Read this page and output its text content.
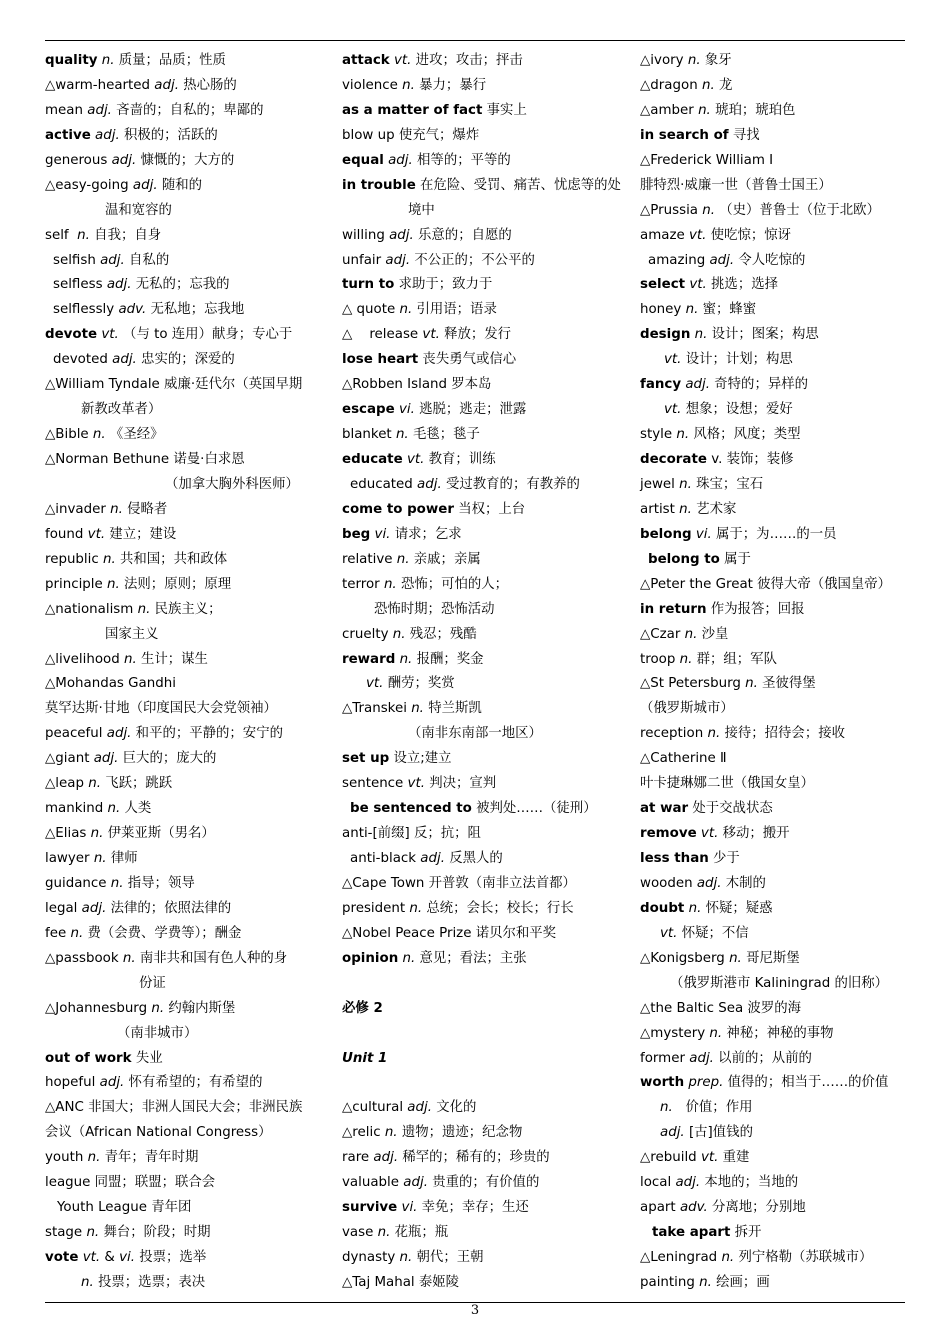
quality n. 质量；品质；性质
△warm-hearted adj. 热心肠的
mean adj. 吝啬的；自私的；卑鄙的
active adj. 积极的；活跃的
generous adj. 慷慨的；大方的
△easy-going adj. 随和的
温和宽容的
self  n. 自我；自身
selfish adj. 自私的
selfless adj. 无私的；忘我的
selflessly adv. 无私地；忘我地
devote vt. （与 to 连用）献身；专心于
devoted adj. 忠实的；深爱的
△William Tyndale 威廉·廷代尔（英国早期
新教改革者）
△Bible n. 《圣经》
△Norman Bethune 诺曼·白求恩
（加拿大胸外科医师）
△invader n. 侵略者
found vt. 建立；建设
republic n. 共和国；共和政体
principle n. 法则；原则；原理
△nationalism n. 民族主义；
国家主义
△livelihood n. 生计；谋生
△Mohandas Gandhi
莫罕达斯·甘地（印度国民大会党领袖）
peaceful adj. 和平的；平静的；安宁的
△giant adj. 巨大的；庞大的
△leap n. 飞跃；跳跃
mankind n. 人类
△Elias n. 伊莱亚斯（男名）
lawyer n. 律师
guidance n. 指导；领导
legal adj. 法律的；依照法律的
fee n. 费（会费、学费等）；酬金
△passbook n. 南非共和国有色人种的身
份证
△Johannesburg n. 约翰内斯堡
（南非城市）
out of work 失业
hopeful adj. 怀有希望的；有希望的
△ANC 非国大；非洲人国民大会；非洲民族
会议（African National Congress）
youth n. 青年；青年时期
league 同盟；联盟；联合会
Youth League 青年团
stage n. 舞台；阶段；时期
vote vt. & vi. 投票；选举
n. 投票；选票；表决
attack vt. 进攻；攻击；抨击
violence n. 暴力；暴行
as a matter of fact 事实上
blow up 使充气；爆炸
equal adj. 相等的；平等的
in trouble 在危险、受罚、痛苦、忧虑等的处
境中
willing adj. 乐意的；自愿的
unfair adj. 不公正的；不公平的
turn to 求助于；致力于
△ quote n. 引用语；语录
△    release vt. 释放；发行
lose heart 丧失勇气或信心
△Robben Island 罗本岛
escape vi. 逃脱；逃走；泄露
blanket n. 毛毯；毯子
educate vt. 教育；训练
educated adj. 受过教育的；有教养的
come to power 当权；上台
beg vi. 请求；乞求
relative n. 亲戚；亲属
terror n. 恐怖；可怕的人；
恐怖时期；恐怖活动
cruelty n. 残忍；残酷
reward n. 报酬；奖金
vt. 酬劳；奖赏
△Transkei n. 特兰斯凯
（南非东南部一地区）
set up 设立;建立
sentence vt. 判决；宣判
be sentenced to 被判处……（徒刑）
anti-[前缀] 反；抗；阻
anti-black adj. 反黑人的
△Cape Town 开普敦（南非立法首都）
president n. 总统；会长；校长；行长
△Nobel Peace Prize 诺贝尔和平奖
opinion n. 意见；看法；主张
必修 2
Unit 1
△cultural adj. 文化的
△relic n. 遗物；遗迹；纪念物
rare adj. 稀罕的；稀有的；珍贵的
valuable adj. 贵重的；有价值的
survive vi. 幸免；幸存；生还
vase n. 花瓶；瓶
dynasty n. 朝代；王朝
△Taj Mahal 泰姬陵
△ivory n. 象牙
△dragon n. 龙
△amber n. 琥珀；琥珀色
in search of 寻找
△Frederick William I
腓特烈·威廉一世（普鲁士国王）
△Prussia n. （史）普鲁士（位于北欧）
amaze vt. 使吃惊；惊讶
amazing adj. 令人吃惊的
select vt. 挑选；选择
honey n. 蜜；蜂蜜
design n. 设计；图案；构思
vt. 设计；计划；构思
fancy adj. 奇特的；异样的
vt. 想象；设想；爱好
style n. 风格；风度；类型
decorate v. 装饰；装修
jewel n. 珠宝；宝石
artist n. 艺术家
belong vi. 属于；为……的一员
belong to 属于
△Peter the Great 彼得大帝（俄国皇帝）
in return 作为报答；回报
△Czar n. 沙皇
troop n. 群；组；军队
△St Petersburg n. 圣彼得堡
（俄罗斯城市）
reception n. 接待；招待会；接收
△Catherine Ⅱ
叶卡捷琳娜二世（俄国女皇）
at war 处于交战状态
remove vt. 移动；搬开
less than 少于
wooden adj. 木制的
doubt n. 怀疑；疑惑
vt. 怀疑；不信
△Konigsberg n. 哥尼斯堡
（俄罗斯港市 Kaliningrad 的旧称）
△the Baltic Sea 波罗的海
△mystery n. 神秘；神秘的事物
former adj. 以前的；从前的
worth prep. 值得的；相当于……的价值
n.   价值；作用
adj. [古]值钱的
△rebuild vt. 重建
local adj. 本地的；当地的
apart adv. 分离地；分别地
take apart 拆开
△Leningrad n. 列宁格勒（苏联城市）
painting n. 绘画；画
3
